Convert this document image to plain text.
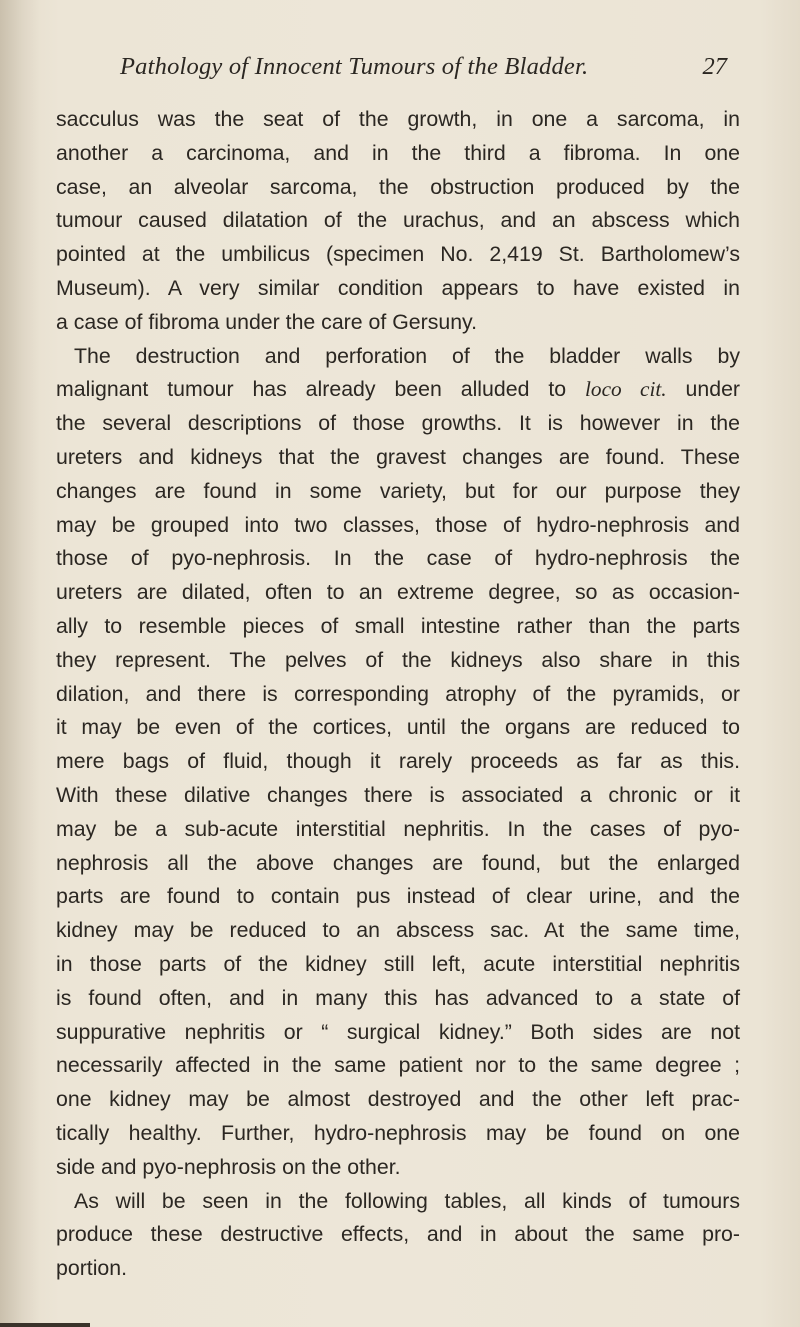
Pathology of Innocent Tumours of the Bladder.	27
sacculus was the seat of the growth, in one a sarcoma, in
another a carcinoma, and in the third a fibroma. In one
case, an alveolar sarcoma, the obstruction produced by the
tumour caused dilatation of the urachus, and an abscess which
pointed at the umbilicus (specimen No. 2,419 St. Bartholomew’s
Museum). A very similar condition appears to have existed in
a case of fibroma under the care of Gersuny.
The destruction and perforation of the bladder walls by
malignant tumour has already been alluded to loco cit. under
the several descriptions of those growths. It is however in the
ureters and kidneys that the gravest changes are found. These
changes are found in some variety, but for our purpose they
may be grouped into two classes, those of hydro-nephrosis and
those of pyo-nephrosis. In the case of hydro-nephrosis the
ureters are dilated, often to an extreme degree, so as occasion-
ally to resemble pieces of small intestine rather than the parts
they represent. The pelves of the kidneys also share in this
dilation, and there is corresponding atrophy of the pyramids, or
it may be even of the cortices, until the organs are reduced to
mere bags of fluid, though it rarely proceeds as far as this.
With these dilative changes there is associated a chronic or it
may be a sub-acute interstitial nephritis. In the cases of pyo-
nephrosis all the above changes are found, but the enlarged
parts are found to contain pus instead of clear urine, and the
kidney may be reduced to an abscess sac. At the same time,
in those parts of the kidney still left, acute interstitial nephritis
is found often, and in many this has advanced to a state of
suppurative nephritis or “ surgical kidney.” Both sides are not
necessarily affected in the same patient nor to the same degree ;
one kidney may be almost destroyed and the other left prac-
tically healthy. Further, hydro-nephrosis may be found on one
side and pyo-nephrosis on the other.
As will be seen in the following tables, all kinds of tumours
produce these destructive effects, and in about the same pro-
portion.
